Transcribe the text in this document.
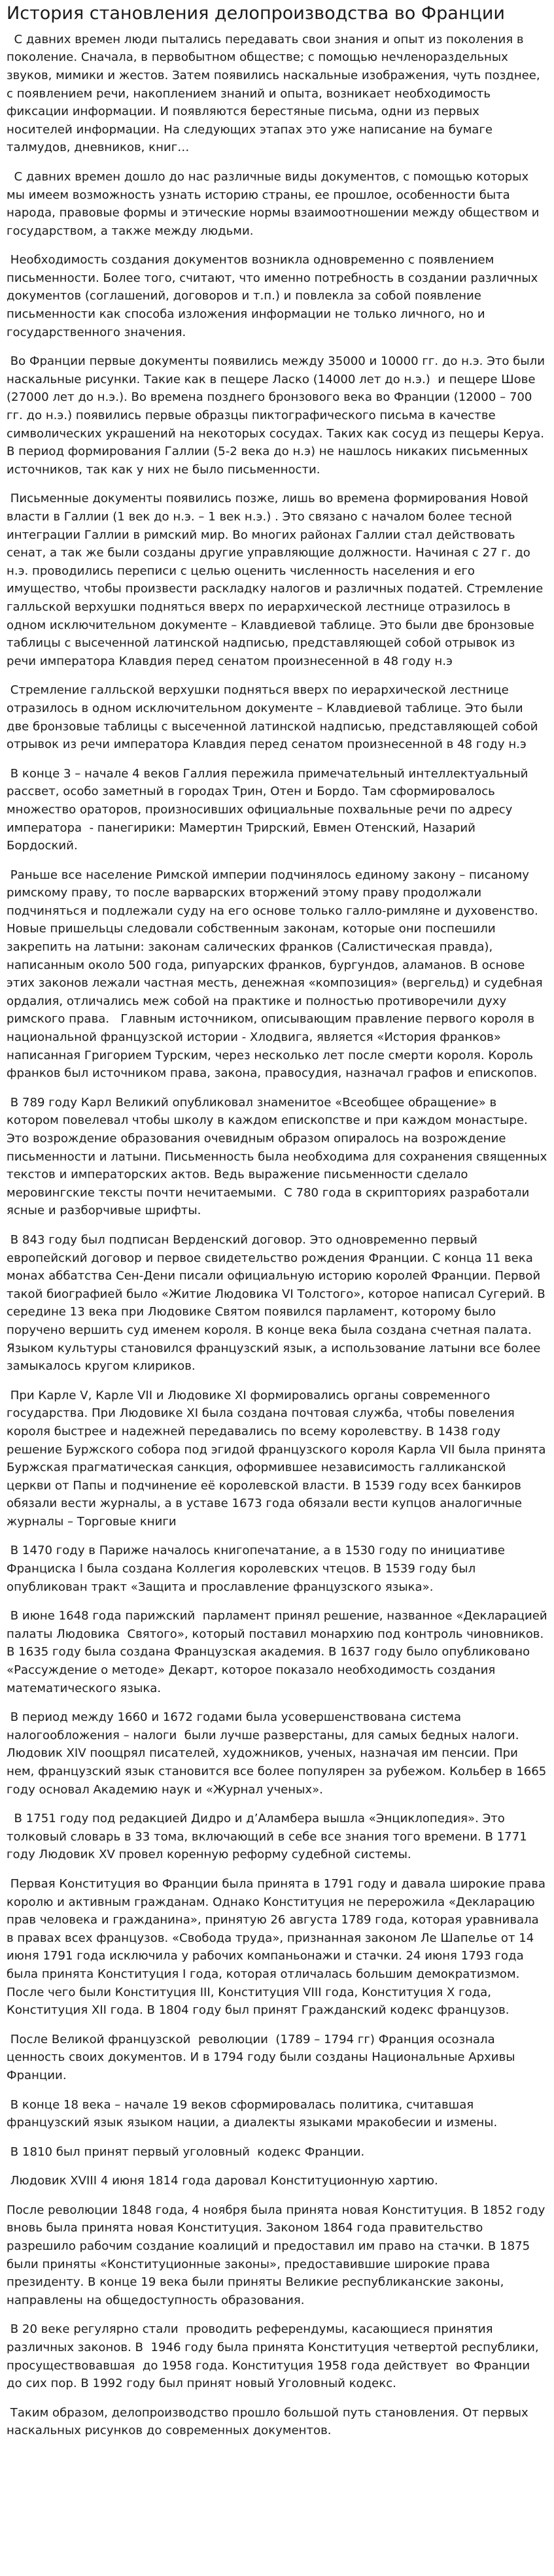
История становления делопроизводства во Франции

С давних времен люди пытались передавать свои знания и опыт из поколения в поколение. Сначала, в первобытном обществе; с помощью нечленораздельных звуков, мимики и жестов. Затем появились наскальные изображения, чуть позднее, с появлением речи, накоплением знаний и опыта, возникает необходимость фиксации информации. И появляются берестяные письма, одни из первых носителей информации. На следующих этапах это уже написание на бумаге талмудов, дневников, книг…

С давних времен дошло до нас различные виды документов, с помощью которых мы имеем возможность узнать историю страны, ее прошлое, особенности быта народа, правовые формы и этические нормы взаимоотношении между обществом и государством, а также между людьми.

Необходимость создания документов возникла одновременно с появлением письменности. Более того, считают, что именно потребность в создании различных документов (соглашений, договоров и т.п.) и повлекла за собой появление письменности как способа изложения информации не только личного, но и государственного значения.

Во Франции первые документы появились между 35000 и 10000 гг. до н.э. Это были наскальные рисунки. Такие как в пещере Ласко (14000 лет до н.э.)  и пещере Шове (27000 лет до н.э.). Во времена позднего бронзового века во Франции (12000 – 700 гг. до н.э.) появились первые образцы пиктографического письма в качестве символических украшений на некоторых сосудах. Таких как сосуд из пещеры Керуа. В период формирования Галлии (5-2 века до н.э) не нашлось никаких письменных источников, так как у них не было письменности.

Письменные документы появились позже, лишь во времена формирования Новой власти в Галлии (1 век до н.э. – 1 век н.э.) . Это связано с началом более тесной интеграции Галлии в римский мир. Во многих районах Галлии стал действовать сенат, а так же были созданы другие управляющие должности. Начиная с 27 г. до н.э. проводились переписи с целью оценить численность населения и его имущество, чтобы произвести раскладку налогов и различных податей. Стремление галльской верхушки подняться вверх по иерархической лестнице отразилось в одном исключительном документе – Клавдиевой таблице. Это были две бронзовые таблицы с высеченной латинской надписью, представляющей собой отрывок из речи императора Клавдия перед сенатом произнесенной в 48 году н.э

Стремление галльской верхушки подняться вверх по иерархической лестнице отразилось в одном исключительном документе – Клавдиевой таблице. Это были две бронзовые таблицы с высеченной латинской надписью, представляющей собой отрывок из речи императора Клавдия перед сенатом произнесенной в 48 году н.э

В конце 3 – начале 4 веков Галлия пережила примечательный интеллектуальный  рассвет, особо заметный в городах Трин, Отен и Бордо. Там сформировалось множество ораторов, произносивших официальные похвальные речи по адресу императора  - панегирики: Мамертин Трирский, Евмен Отенский, Назарий Бордоский.

Раньше все население Римской империи подчинялось единому закону – писаному римскому праву, то после варварских вторжений этому праву продолжали подчиняться и подлежали суду на его основе только галло-римляне и духовенство. Новые пришельцы следовали собственным законам, которые они поспешили закрепить на латыни: законам салических франков (Салистическая правда),  написанным около 500 года, рипуарских франков, бургундов, аламанов. В основе этих законов лежали частная месть, денежная «композиция» (вергельд) и судебная ордалия, отличались меж собой на практике и полностью противоречили духу римского права.   Главным источником, описывающим правление первого короля в национальной французской истории - Хлодвига, является «История франков» написанная Григорием Турским, через несколько лет после смерти короля. Король франков был источником права, закона, правосудия, назначал графов и епископов.

В 789 году Карл Великий опубликовал знаменитое «Всеобщее обращение» в котором повелевал чтобы школу в каждом епископстве и при каждом монастыре. Это возрождение образования очевидным образом опиралось на возрождение письменности и латыни. Письменность была необходима для сохранения священных текстов и императорских актов. Ведь выражение письменности сделало меровингские тексты почти нечитаемыми.  С 780 года в скрипториях разработали ясные и разборчивые шрифты.

В 843 году был подписан Верденский договор. Это одновременно первый европейский договор и первое свидетельство рождения Франции. С конца 11 века монах аббатства Сен-Дени писали официальную историю королей Франции. Первой такой биографией было «Житие Людовика VI Толстого», которое написал Сугерий. В середине 13 века при Людовике Святом появился парламент, которому было поручено вершить суд именем короля. В конце века была создана счетная палата. Языком культуры становился французский язык, а использование латыни все более замыкалось кругом клириков.

При Карле V, Карле VII и Людовике XI формировались органы современного государства. При Людовике XI была создана почтовая служба, чтобы повеления короля быстрее и надежней передавались по всему королевству. В 1438 году решение Буржского собора под эгидой французского короля Карла VII была принята Буржская прагматическая санкция, оформившее независимость галликанской церкви от Папы и подчинение её королевской власти. В 1539 году всех банкиров обязали вести журналы, а в уставе 1673 года обязали вести купцов аналогичные журналы – Торговые книги

В 1470 году в Париже началось книгопечатание, а в 1530 году по инициативе Франциска I была создана Коллегия королевских чтецов. В 1539 году был опубликован тракт «Защита и прославление французского языка».

В июне 1648 года парижский  парламент принял решение, названное «Декларацией палаты Людовика  Святого», который поставил монархию под контроль чиновников. В 1635 году была создана Французская академия. В 1637 году было опубликовано «Рассуждение о методе» Декарт, которое показало необходимость создания математического языка.

В период между 1660 и 1672 годами была усовершенствована системa налогообложения – налоги  были лучше разверстаны, для самых бедных налоги. Людовик XIV поощрял писателей, художников, ученых, назначая им пенсии. При нем, французский язык становится все более популярен за рубежом. Кольбер в 1665 году основал Академию наук и «Журнал ученых».

В 1751 году под редакцией Дидро и д’Аламбера вышла «Энциклопедия». Это толковый словарь в 33 тома, включающий в себе все знания того времени. В 1771 году Людовик XV провел коренную реформу судебной системы.

Первая Конституция во Франции была принята в 1791 году и давала широкие права королю и активным гражданам. Однако Конституция не перерожила «Декларацию прав человека и гражданина», принятую 26 августа 1789 года, которая уравнивала в правах всех французов. «Свобода труда», признанная законом Ле Шапелье от 14 июня 1791 года исключила у рабочих компаньонажи и стачки. 24 июня 1793 года была принята Конституция I года, которая отличалась большим демократизмом. После чего были Конституция III, Конституция VIII года, Конституция X года, Конституция XII года. В 1804 году был принят Гражданский кодекс французов.

После Великой французской  революции  (1789 – 1794 гг) Франция осознала ценность своих документов. И в 1794 году были созданы Национальные Архивы Франции.

В конце 18 века – начале 19 веков сформировалась политика, считавшая французский язык языком нации, а диалекты языками мракобесии и измены.

В 1810 был принят первый уголовный  кодекс Франции.

Людовик XVIII 4 июня 1814 года даровал Конституционную хартию.

После революции 1848 года, 4 ноября была принята новая Конституция. В 1852 году вновь была принята новая Конституция. Законом 1864 года правительство разрешило рабочим создание коалиций и предоставил им право на стачки. В 1875 были приняты «Конституционные законы», предоставившие широкие права президенту. В конце 19 века были приняты Великие республиканские законы, направлены на общедоступность образования.

В 20 веке регулярно стали  проводить референдумы, касающиеся принятия различных законов. В  1946 году была принята Конституция четвертой республики, просуществовавшая  до 1958 года. Конституция 1958 года действует  во Франции до сих пор. В 1992 году был принят новый Уголовный кодекс.

Таким образом, делопроизводство прошло большой путь становления. От первых наскальных рисунков до современных документов.
